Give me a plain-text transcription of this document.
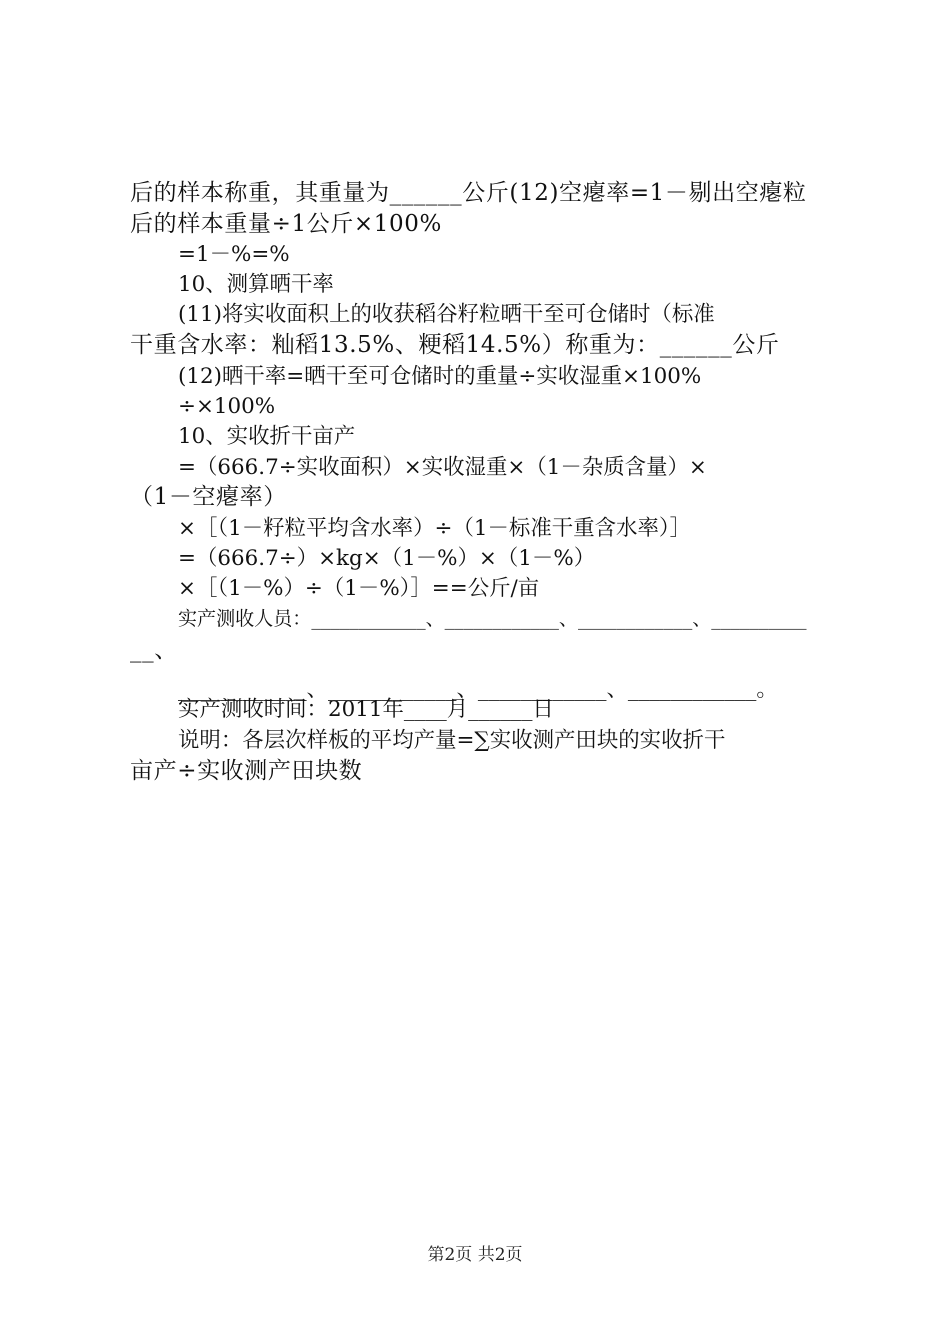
后的样本称重，其重量为______公斤(12)空瘪率=1－剔出空瘪粒
后的样本重量÷1公斤×100%
=1－%=%
10、测算晒干率
(11)将实收面积上的收获稻谷籽粒晒干至可仓储时（标准
干重含水率：籼稻13.5%、粳稻14.5%）称重为：______公斤
(12)晒干率=晒干至可仓储时的重量÷实收湿重×100%
÷×100%
10、实收折干亩产
=（666.7÷实收面积）×实收湿重×（1－杂质含量）×
（1－空瘪率）
×［（1－籽粒平均含水率）÷（1－标准干重含水率）］
=（666.7÷）×kg×（1－%）×（1－%）
×［（1－%）÷（1－%）］==公斤/亩
实产测收人员：____________、____________、____________、__________
__、
____________、____________、____________、____________。
实产测收时间：2011年____月______日
说明：各层次样板的平均产量=∑实收测产田块的实收折干
亩产÷实收测产田块数
第2页 共2页
